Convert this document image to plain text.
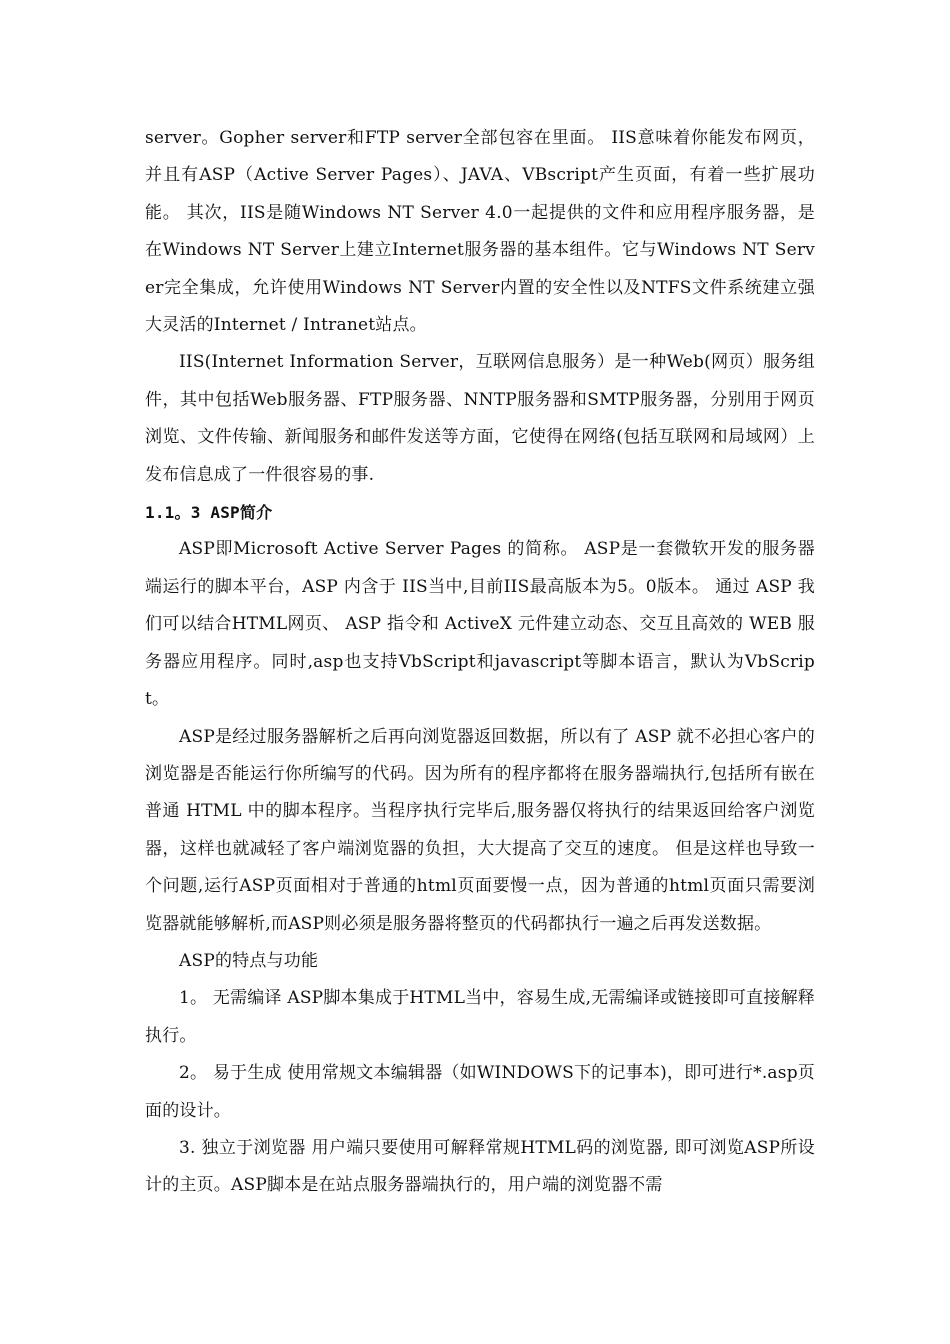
server。Gopher server和FTP server全部包容在里面。 IIS意味着你能发布网页，并且有ASP（Active Server Pages）、JAVA、VBscript产生页面，有着一些扩展功能。 其次，IIS是随Windows NT Server 4.0一起提供的文件和应用程序服务器，是在Windows NT Server上建立Internet服务器的基本组件。它与Windows NT Server完全集成，允许使用Windows NT Server内置的安全性以及NTFS文件系统建立强大灵活的Internet / Intranet站点。

IIS(Internet Information Server，互联网信息服务）是一种Web(网页）服务组件，其中包括Web服务器、FTP服务器、NNTP服务器和SMTP服务器，分别用于网页浏览、文件传输、新闻服务和邮件发送等方面，它使得在网络(包括互联网和局域网）上发布信息成了一件很容易的事.

1.1。3 ASP简介

ASP即Microsoft Active Server Pages 的简称。 ASP是一套微软开发的服务器端运行的脚本平台，ASP 内含于 IIS当中,目前IIS最高版本为5。0版本。 通过 ASP 我们可以结合HTML网页、 ASP 指令和 ActiveX 元件建立动态、交互且高效的 WEB 服务器应用程序。同时,asp也支持VbScript和javascript等脚本语言，默认为VbScript。

ASP是经过服务器解析之后再向浏览器返回数据，所以有了 ASP 就不必担心客户的浏览器是否能运行你所编写的代码。因为所有的程序都将在服务器端执行,包括所有嵌在普通 HTML 中的脚本程序。当程序执行完毕后,服务器仅将执行的结果返回给客户浏览器，这样也就减轻了客户端浏览器的负担，大大提高了交互的速度。 但是这样也导致一个问题,运行ASP页面相对于普通的html页面要慢一点，因为普通的html页面只需要浏览器就能够解析,而ASP则必须是服务器将整页的代码都执行一遍之后再发送数据。

ASP的特点与功能

1。 无需编译 ASP脚本集成于HTML当中，容易生成,无需编译或链接即可直接解释执行。

2。 易于生成 使用常规文本编辑器（如WINDOWS下的记事本)，即可进行*.asp页面的设计。

3. 独立于浏览器 用户端只要使用可解释常规HTML码的浏览器, 即可浏览ASP所设计的主页。ASP脚本是在站点服务器端执行的，用户端的浏览器不需
